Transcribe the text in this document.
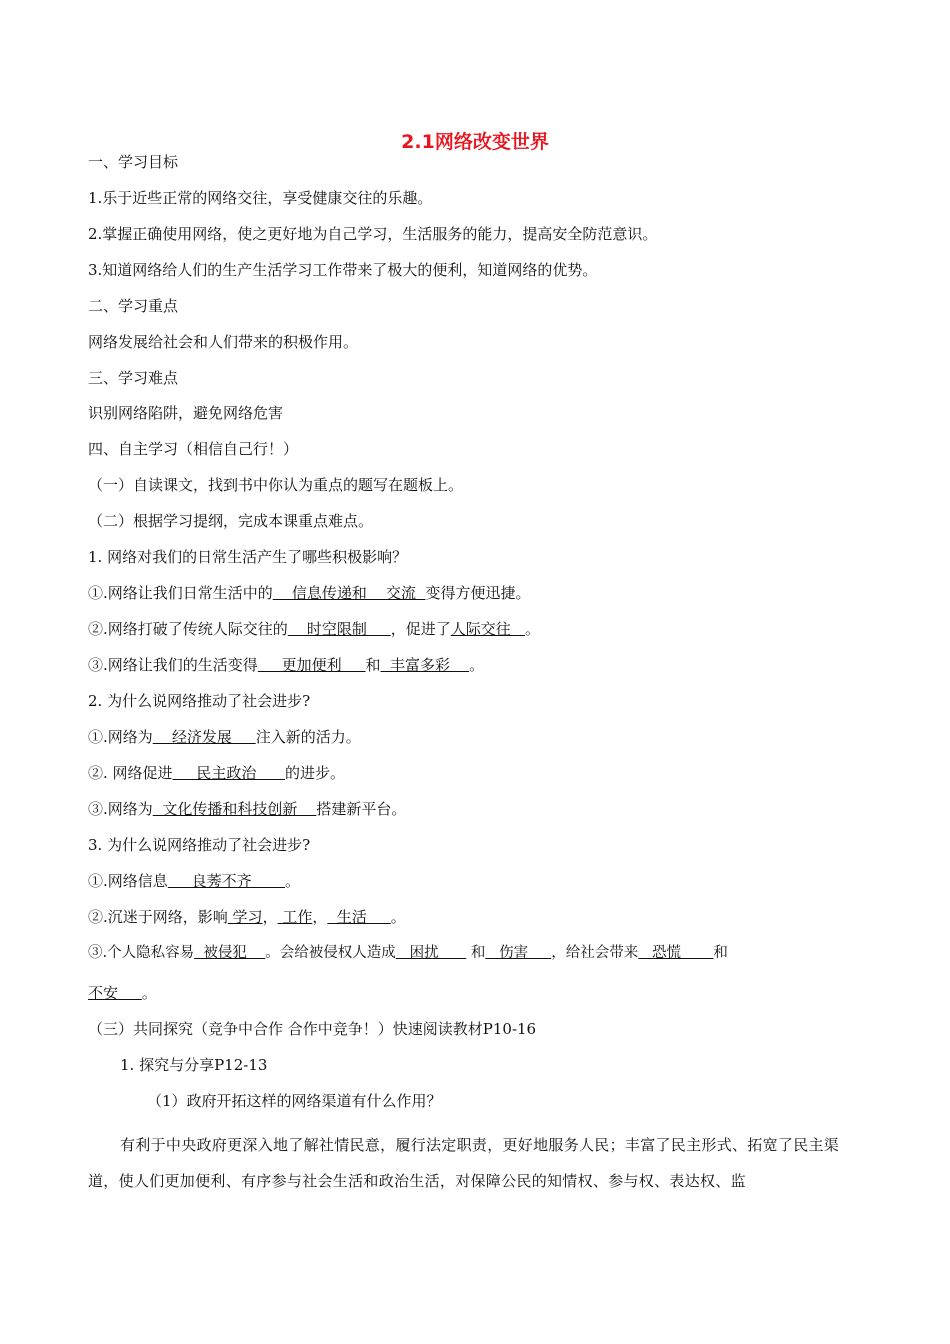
2.1网络改变世界
一、学习目标
1.乐于近些正常的网络交往，享受健康交往的乐趣。
2.掌握正确使用网络，使之更好地为自己学习，生活服务的能力，提高安全防范意识。
3.知道网络给人们的生产生活学习工作带来了极大的便利，知道网络的优势。
二、学习重点
网络发展给社会和人们带来的积极作用。
三、学习难点
识别网络陷阱，避免网络危害
四、自主学习（相信自己行！）
（一）自读课文，找到书中你认为重点的题写在题板上。
（二）根据学习提纲，完成本课重点难点。
1. 网络对我们的日常生活产生了哪些积极影响？
①.网络让我们日常生活中的    信息传递和    交流  变得方便迅捷。
②.网络打破了传统人际交往的    时空限制     ，促进了人际交往   。
③.网络让我们的生活变得     更加便利     和  丰富多彩    。
2. 为什么说网络推动了社会进步?
①.网络为    经济发展     注入新的活力。
②. 网络促进     民主政治      的进步。
③.网络为  文化传播和科技创新    搭建新平台。
3. 为什么说网络推动了社会进步?
①.网络信息     良莠不齐       。
②.沉迷于网络，影响 学习， 工作，  生活     。
③.个人隐私容易  被侵犯    。会给被侵权人造成   困扰       和   伤害     ，给社会带来   恐慌       和
不安     。
（三）共同探究（竞争中合作 合作中竞争！）快速阅读教材P10-16
1. 探究与分享P12-13
（1）政府开拓这样的网络渠道有什么作用？
有利于中央政府更深入地了解社情民意，履行法定职责，更好地服务人民；丰富了民主形式、拓宽了民主渠道，使人们更加便利、有序参与社会生活和政治生活，对保障公民的知情权、参与权、表达权、监
